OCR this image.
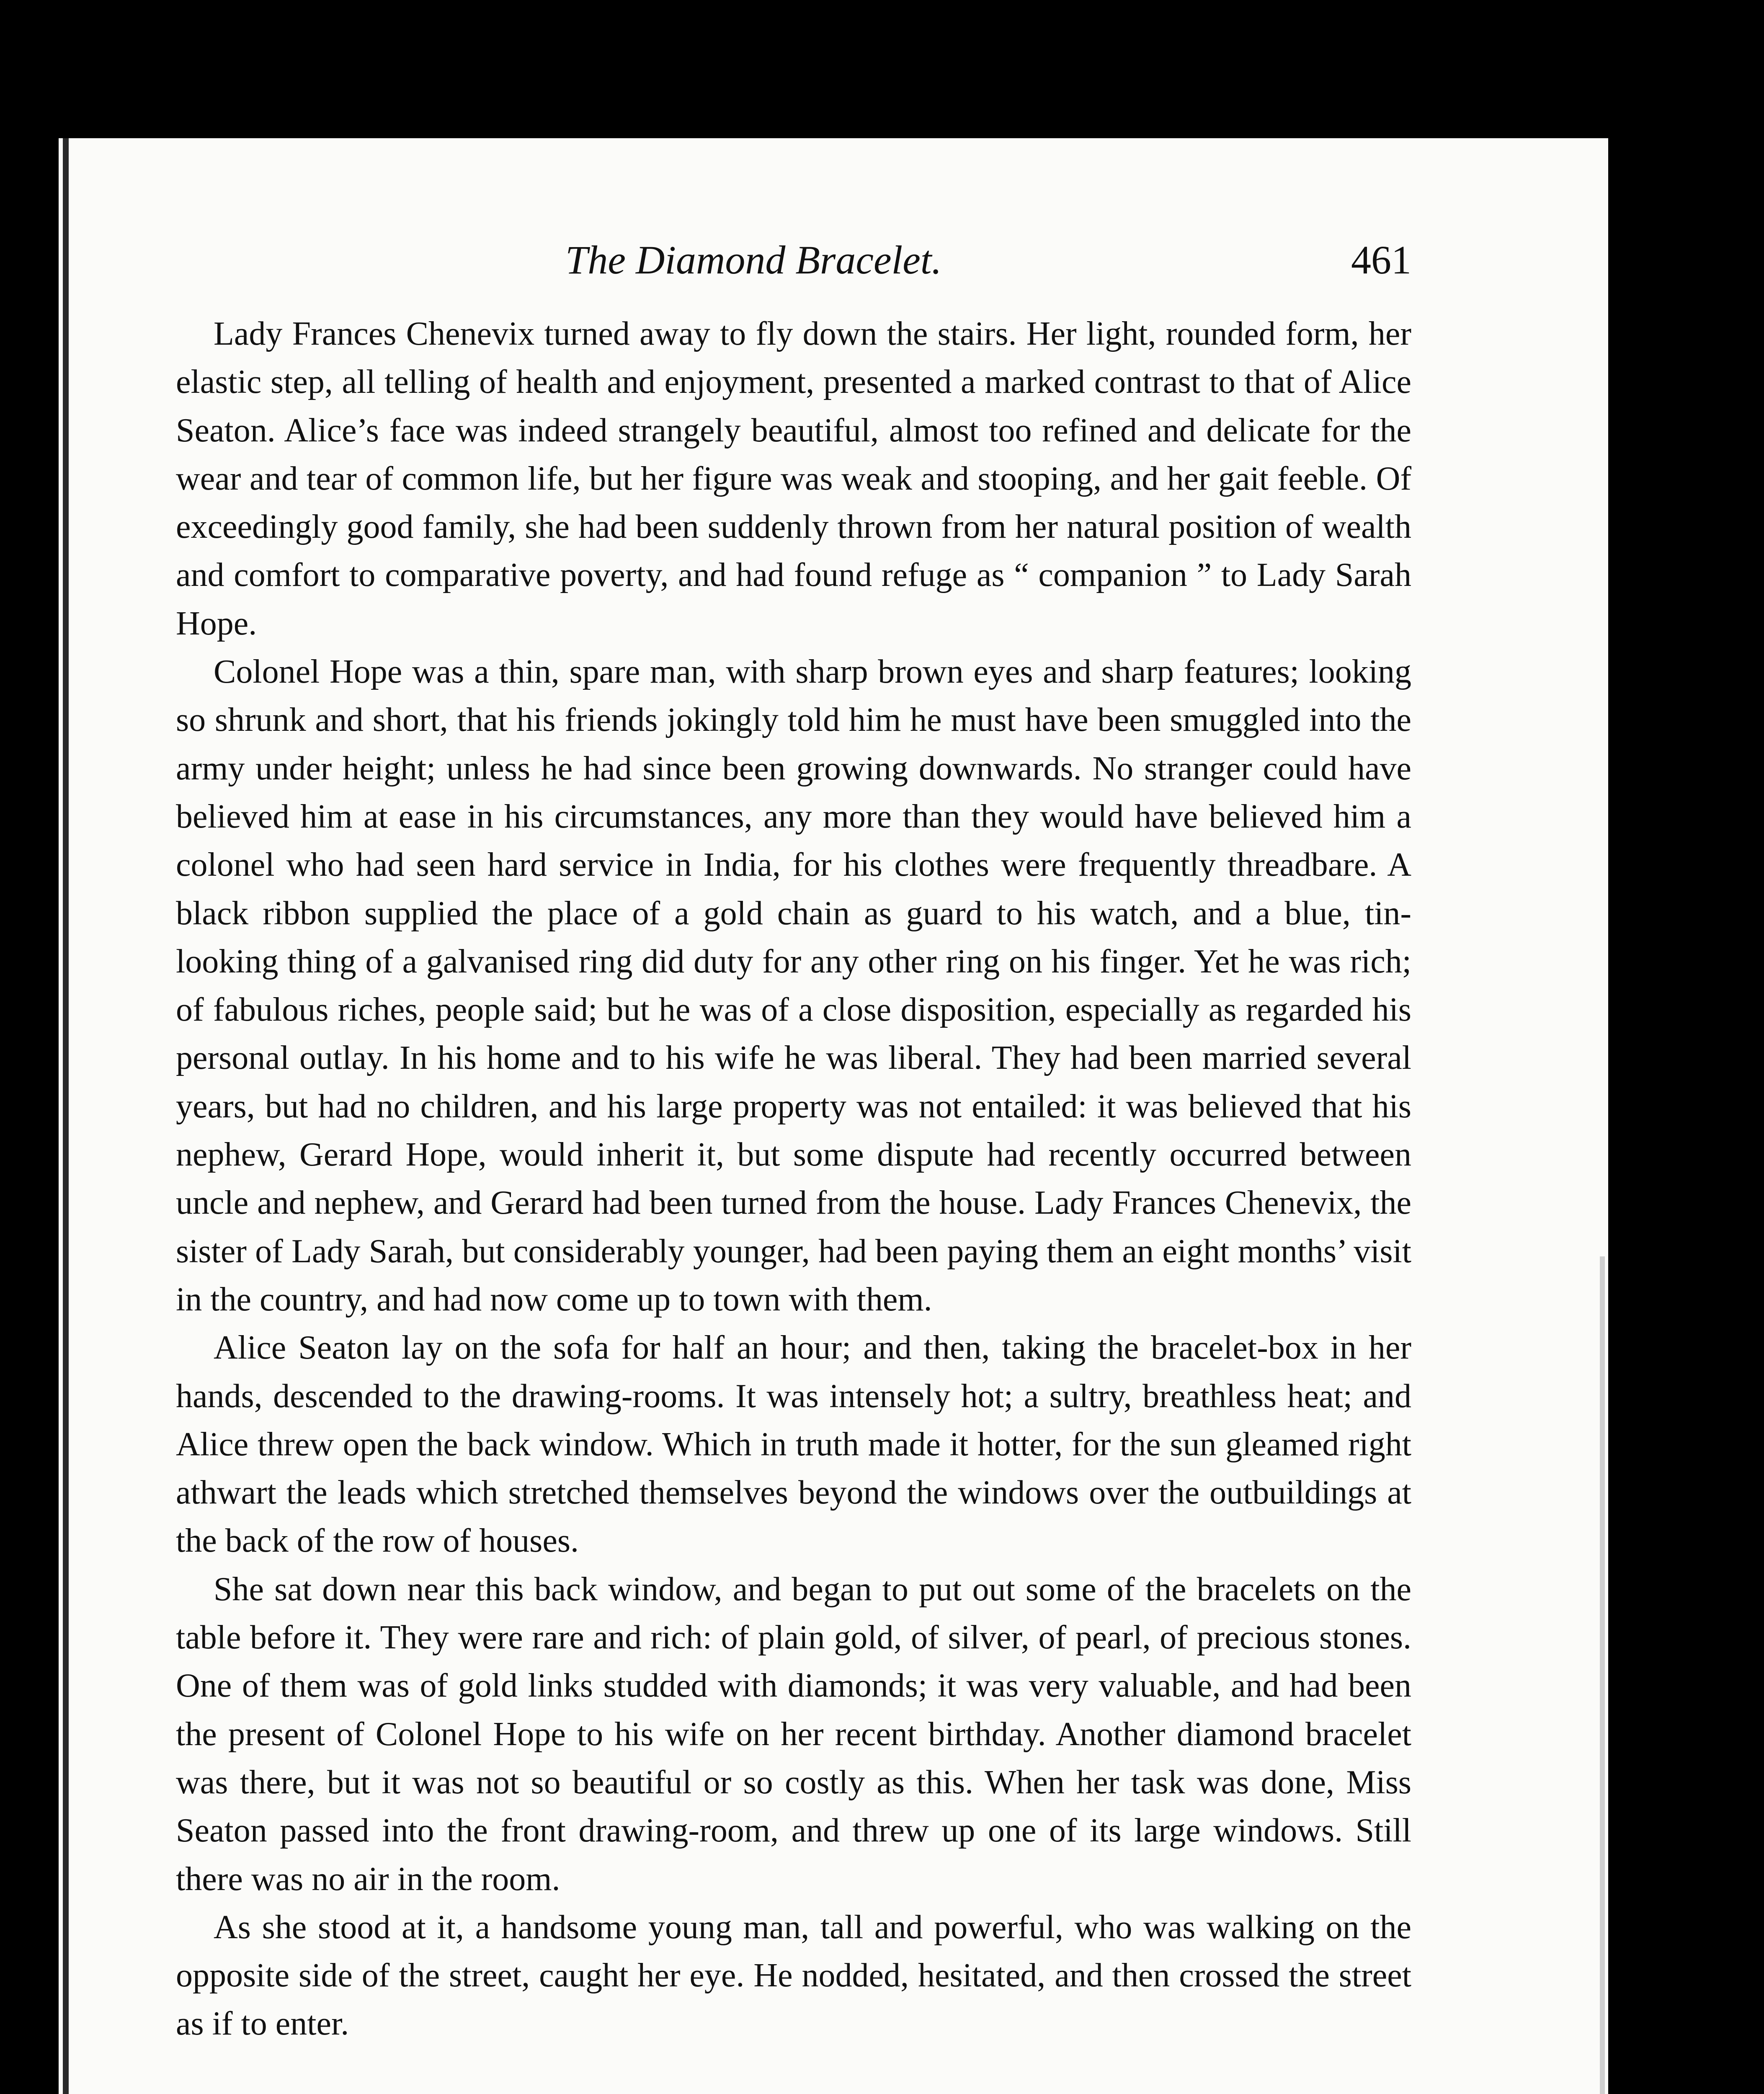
The Diamond Bracelet.	461

Lady Frances Chenevix turned away to fly down the stairs. Her light, rounded form, her elastic step, all telling of health and enjoyment, presented a marked contrast to that of Alice Seaton. Alice’s face was indeed strangely beautiful, almost too refined and delicate for the wear and tear of common life, but her figure was weak and stooping, and her gait feeble. Of exceedingly good family, she had been suddenly thrown from her natural position of wealth and comfort to comparative poverty, and had found refuge as “ companion ” to Lady Sarah Hope.

Colonel Hope was a thin, spare man, with sharp brown eyes and sharp features; looking so shrunk and short, that his friends jokingly told him he must have been smuggled into the army under height; unless he had since been growing downwards. No stranger could have believed him at ease in his circumstances, any more than they would have believed him a colonel who had seen hard service in India, for his clothes were frequently threadbare. A black ribbon supplied the place of a gold chain as guard to his watch, and a blue, tin-looking thing of a galvanised ring did duty for any other ring on his finger. Yet he was rich; of fabulous riches, people said; but he was of a close disposition, especially as regarded his personal outlay. In his home and to his wife he was liberal. They had been married several years, but had no children, and his large property was not entailed: it was believed that his nephew, Gerard Hope, would inherit it, but some dispute had recently occurred between uncle and nephew, and Gerard had been turned from the house. Lady Frances Chenevix, the sister of Lady Sarah, but considerably younger, had been paying them an eight months’ visit in the country, and had now come up to town with them.

Alice Seaton lay on the sofa for half an hour; and then, taking the bracelet-box in her hands, descended to the drawing-rooms. It was intensely hot; a sultry, breathless heat; and Alice threw open the back window. Which in truth made it hotter, for the sun gleamed right athwart the leads which stretched themselves beyond the windows over the outbuildings at the back of the row of houses.

She sat down near this back window, and began to put out some of the bracelets on the table before it. They were rare and rich: of plain gold, of silver, of pearl, of precious stones. One of them was of gold links studded with diamonds; it was very valuable, and had been the present of Colonel Hope to his wife on her recent birthday. Another diamond bracelet was there, but it was not so beautiful or so costly as this. When her task was done, Miss Seaton passed into the front drawing-room, and threw up one of its large windows. Still there was no air in the room.

As she stood at it, a handsome young man, tall and powerful, who was walking on the opposite side of the street, caught her eye. He nodded, hesitated, and then crossed the street as if to enter.
